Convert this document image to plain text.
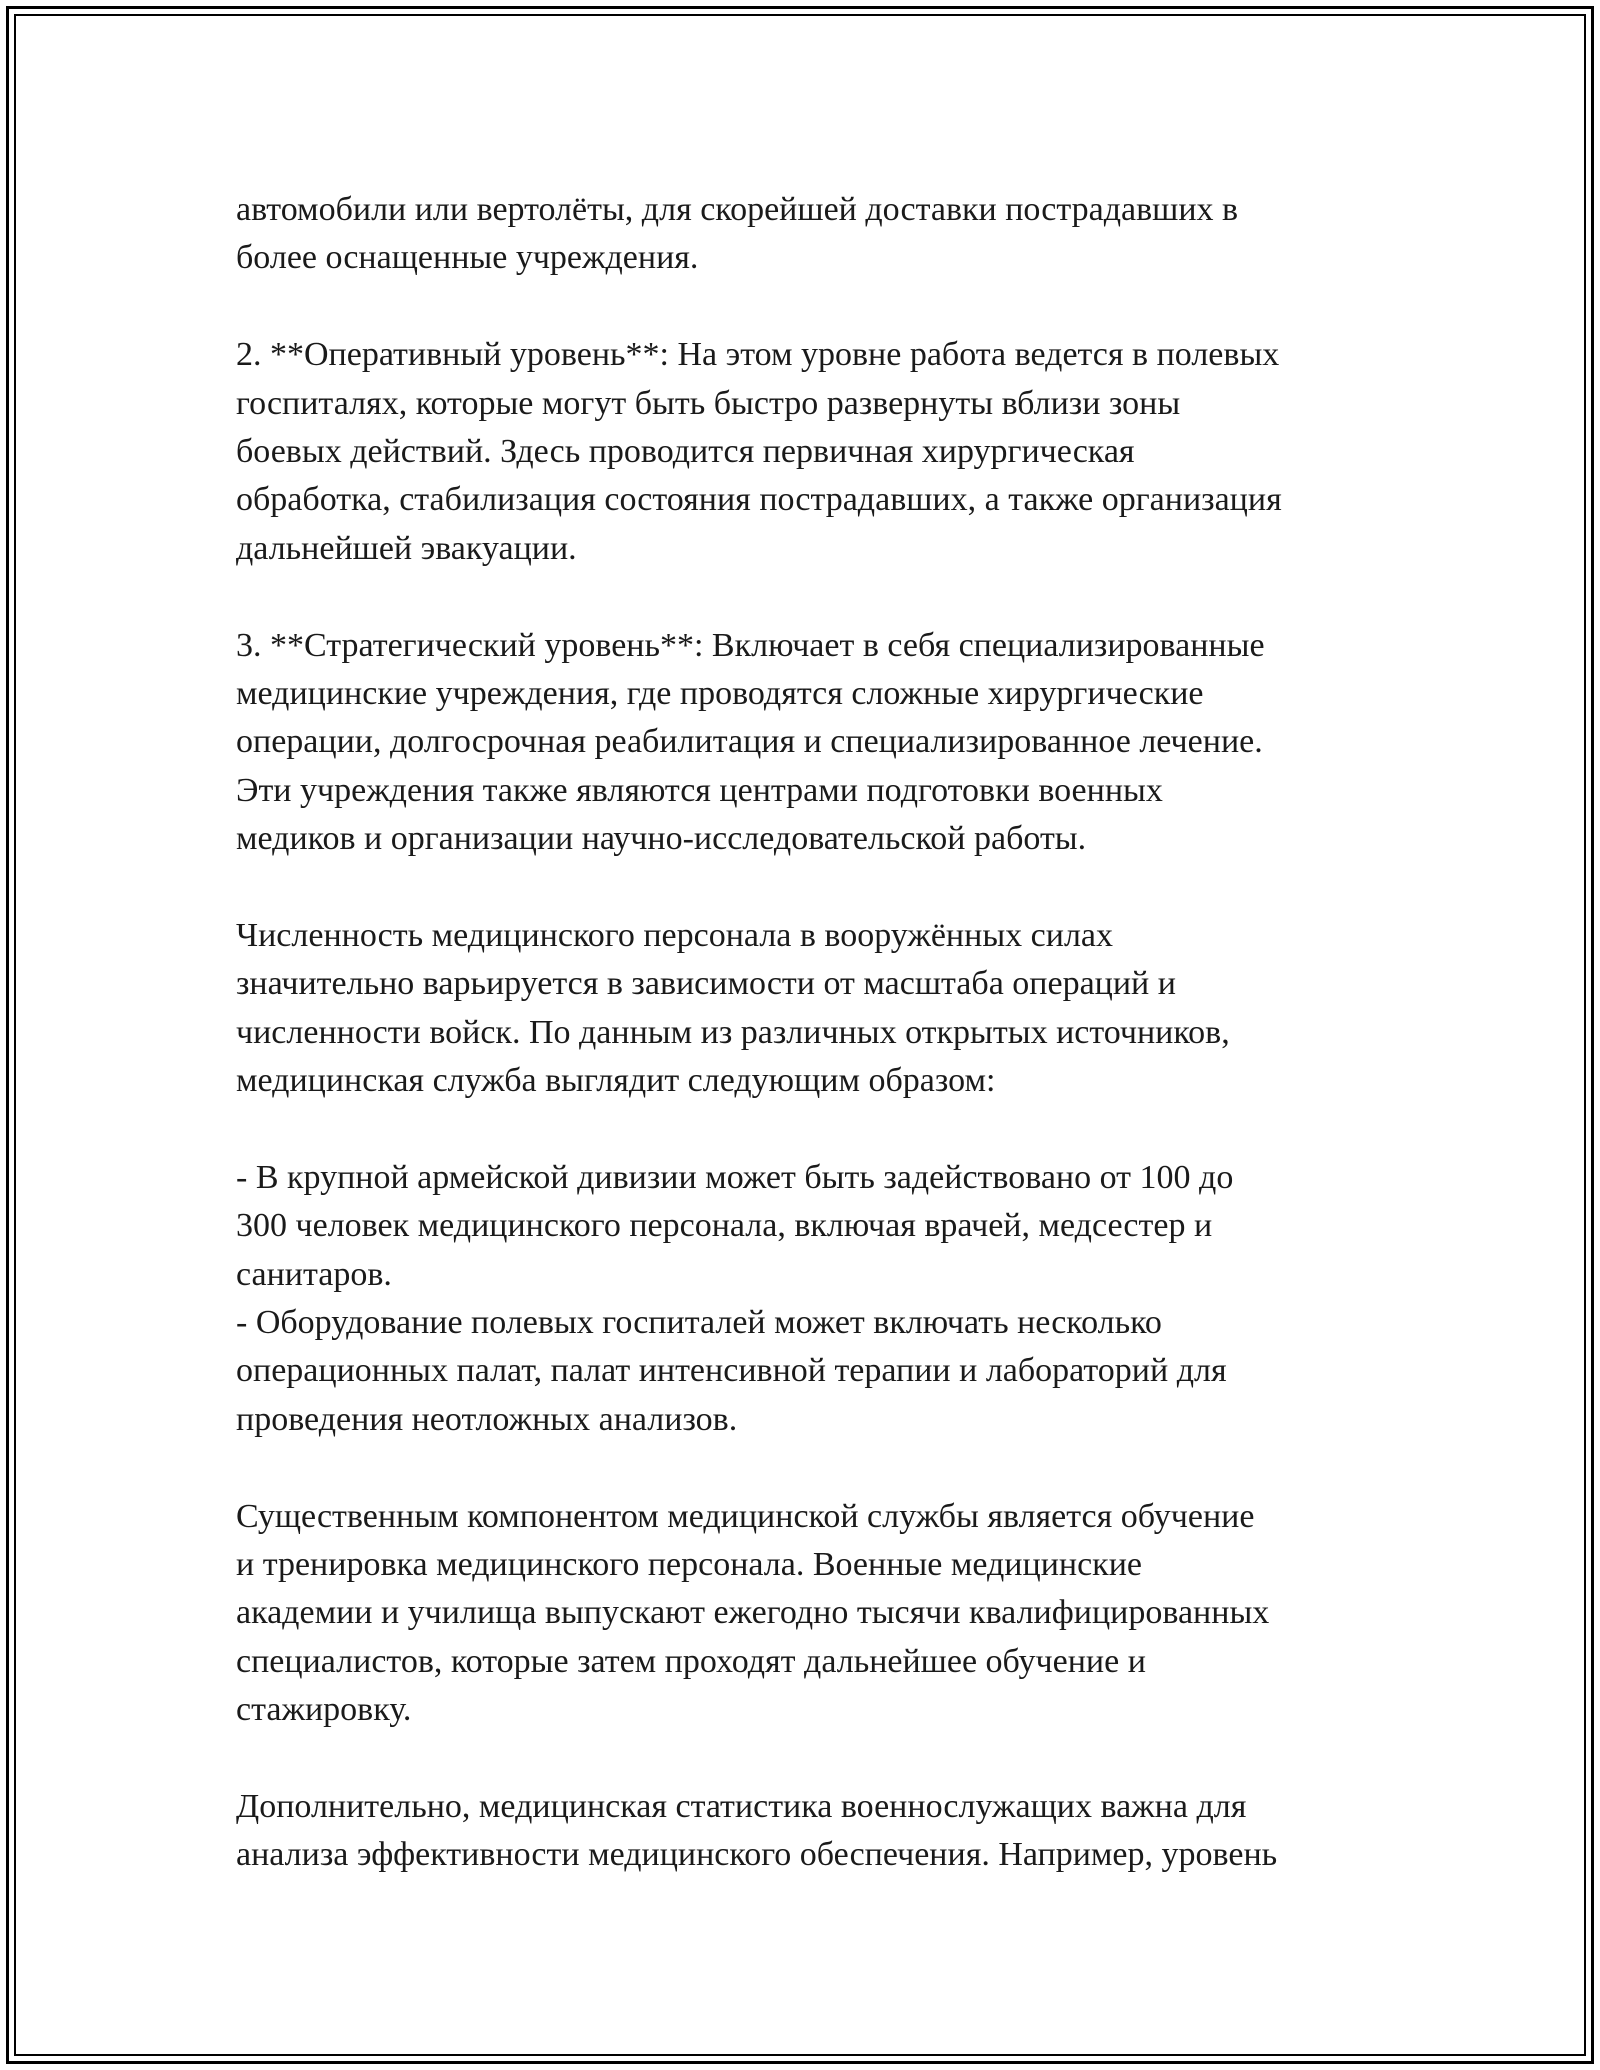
автомобили или вертолёты, для скорейшей доставки пострадавших в
более оснащенные учреждения.
2. **Оперативный уровень**: На этом уровне работа ведется в полевых
госпиталях, которые могут быть быстро развернуты вблизи зоны
боевых действий. Здесь проводится первичная хирургическая
обработка, стабилизация состояния пострадавших, а также организация
дальнейшей эвакуации.
3. **Стратегический уровень**: Включает в себя специализированные
медицинские учреждения, где проводятся сложные хирургические
операции, долгосрочная реабилитация и специализированное лечение.
Эти учреждения также являются центрами подготовки военных
медиков и организации научно-исследовательской работы.
Численность медицинского персонала в вооружённых силах
значительно варьируется в зависимости от масштаба операций и
численности войск. По данным из различных открытых источников,
медицинская служба выглядит следующим образом:
- В крупной армейской дивизии может быть задействовано от 100 до
300 человек медицинского персонала, включая врачей, медсестер и
санитаров.
- Оборудование полевых госпиталей может включать несколько
операционных палат, палат интенсивной терапии и лабораторий для
проведения неотложных анализов.
Существенным компонентом медицинской службы является обучение
и тренировка медицинского персонала. Военные медицинские
академии и училища выпускают ежегодно тысячи квалифицированных
специалистов, которые затем проходят дальнейшее обучение и
стажировку.
Дополнительно, медицинская статистика военнослужащих важна для
анализа эффективности медицинского обеспечения. Например, уровень
